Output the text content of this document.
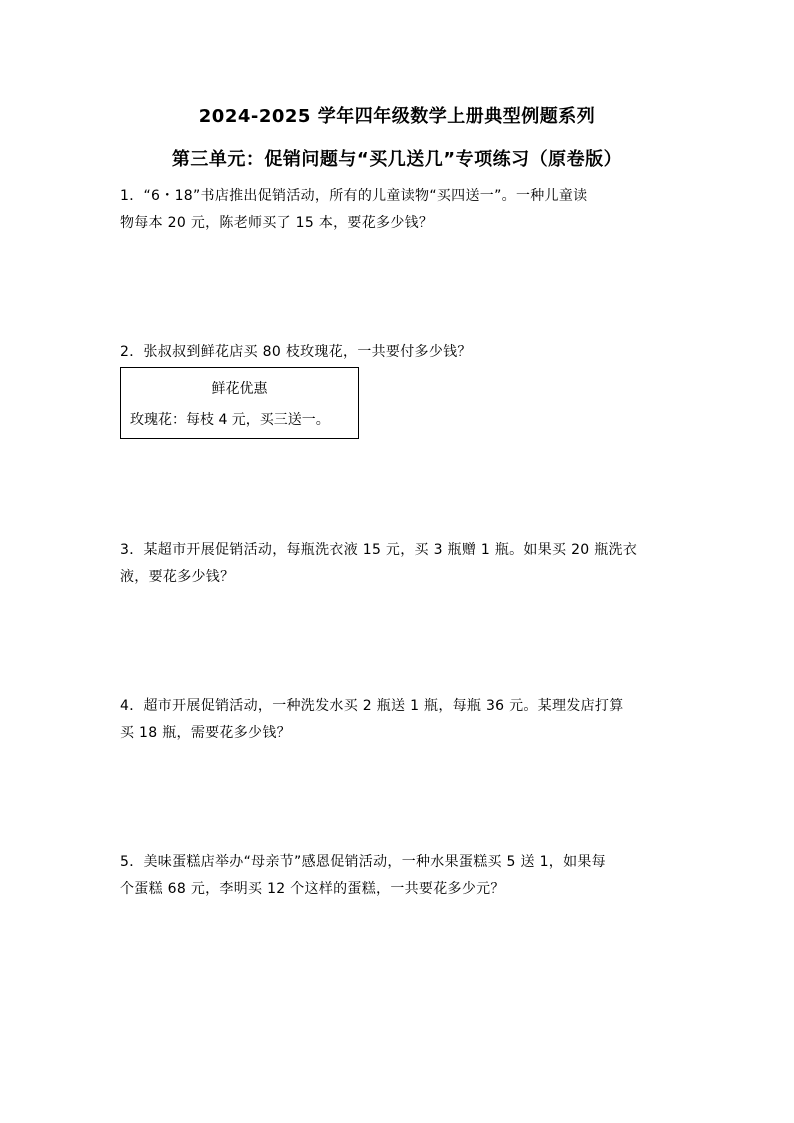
2024-2025 学年四年级数学上册典型例题系列
第三单元：促销问题与“买几送几”专项练习（原卷版）
1．“6・18”书店推出促销活动，所有的儿童读物“买四送一”。一种儿童读
物每本 20 元，陈老师买了 15 本，要花多少钱？
2．张叔叔到鲜花店买 80 枝玫瑰花，一共要付多少钱？
鲜花优惠
玫瑰花：每枝 4 元，买三送一。
3．某超市开展促销活动，每瓶洗衣液 15 元，买 3 瓶赠 1 瓶。如果买 20 瓶洗衣
液，要花多少钱？
4．超市开展促销活动，一种洗发水买 2 瓶送 1 瓶，每瓶 36 元。某理发店打算
买 18 瓶，需要花多少钱？
5．美味蛋糕店举办“母亲节”感恩促销活动，一种水果蛋糕买 5 送 1，如果每
个蛋糕 68 元，李明买 12 个这样的蛋糕，一共要花多少元？
